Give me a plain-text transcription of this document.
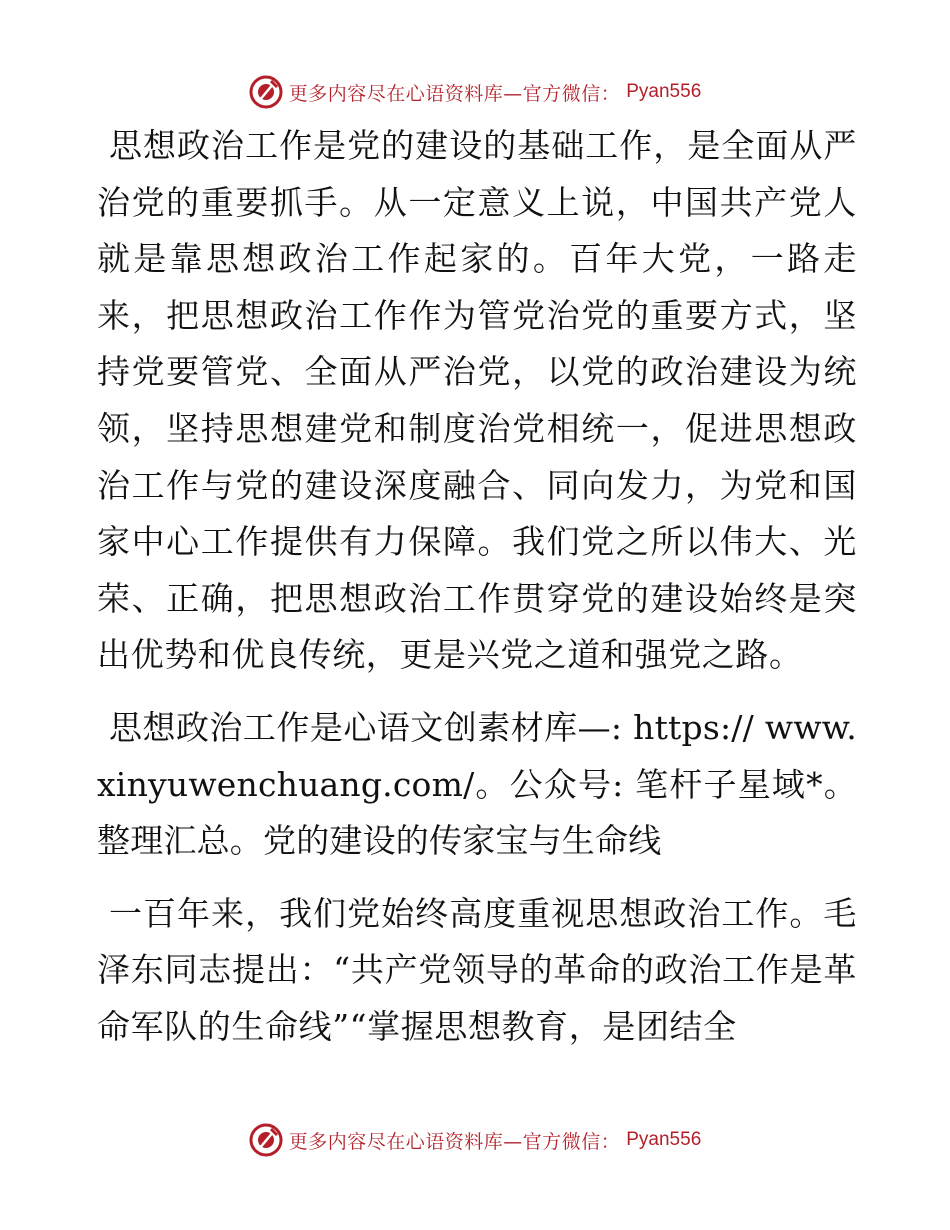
更多内容尽在心语资料库—官方微信： Pyan556

思想政治工作是党的建设的基础工作，是全面从严治党的重要抓手。从一定意义上说，中国共产党人就是靠思想政治工作起家的。百年大党，一路走来，把思想政治工作作为管党治党的重要方式，坚持党要管党、全面从严治党，以党的政治建设为统领，坚持思想建党和制度治党相统一，促进思想政治工作与党的建设深度融合、同向发力，为党和国家中心工作提供有力保障。我们党之所以伟大、光荣、正确，把思想政治工作贯穿党的建设始终是突出优势和优良传统，更是兴党之道和强党之路。

思想政治工作是心语文创素材库—: https:// www.xinyuwenchuang.com/。公众号: 笔杆子星域*。整理汇总。党的建设的传家宝与生命线

一百年来，我们党始终高度重视思想政治工作。毛泽东同志提出：“共产党领导的革命的政治工作是革命军队的生命线”“掌握思想教育，是团结全

更多内容尽在心语资料库—官方微信： Pyan556
